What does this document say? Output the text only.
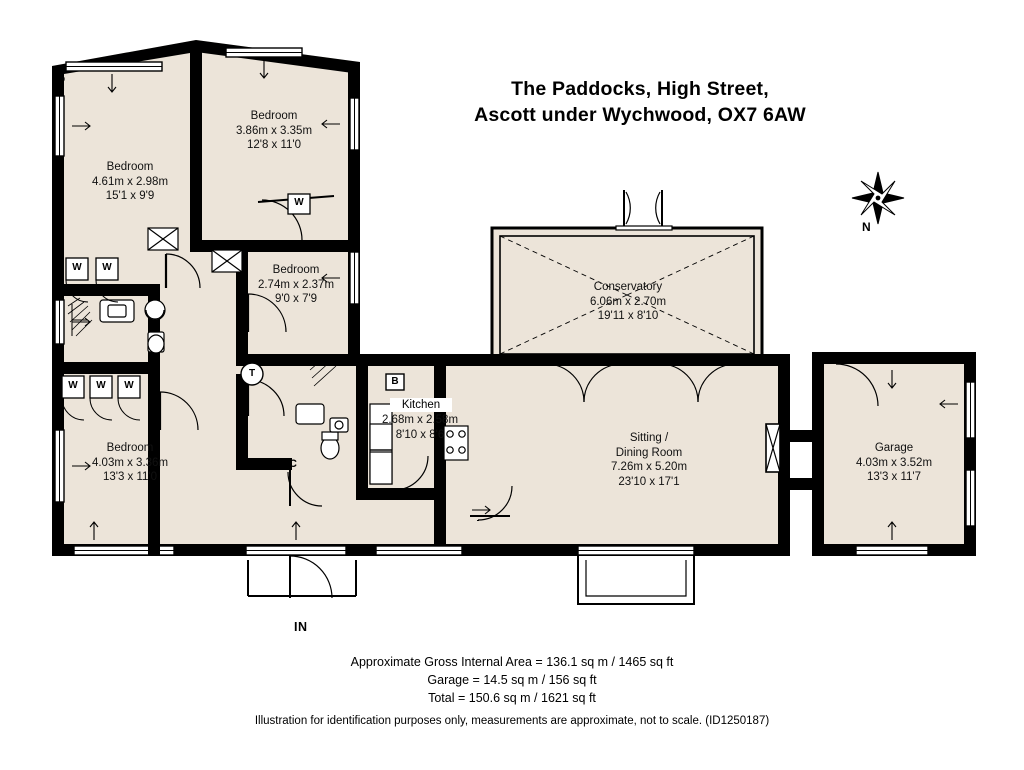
The Paddocks, High Street,
Ascott under Wychwood, OX7 6AW
N
Bedroom
4.61m x 2.98m
15'1 x 9'9
Bedroom
3.86m x 3.35m
12'8 x 11'0
Bedroom
2.74m x 2.37m
9'0 x 7'9
Bedroom
4.03m x 3.36m
13'3 x 11'0
Kitchen
2.68m x 2.58m
8'10 x 8'6	Sitting /
Dining Room
7.26m x 5.20m
23'10 x 17'1
Conservatory
6.06m x 2.70m
19'11 x 8'10
Garage
4.03m x 3.52m
13'3 x 11'7
W	W
W	W	W
W
T
B
C
IN
Approximate Gross Internal Area = 136.1 sq m / 1465 sq ft
Garage = 14.5 sq m / 156 sq ft
Total = 150.6 sq m / 1621 sq ft
Illustration for identification purposes only, measurements are approximate, not to scale. (ID1250187)
